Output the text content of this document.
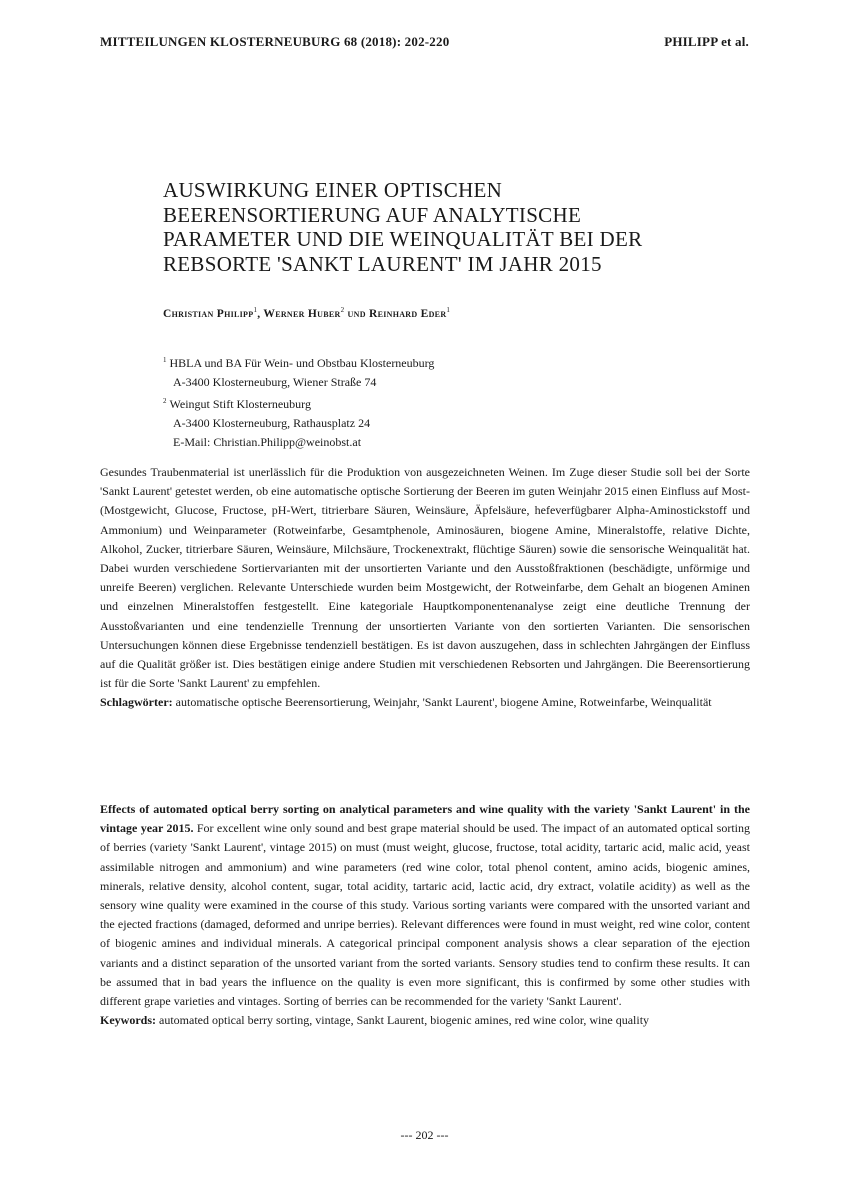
MITTEILUNGEN KLOSTERNEUBURG 68 (2018): 202-220	PHILIPP et al.
AUSWIRKUNG EINER OPTISCHEN
BEERENSORTIERUNG AUF ANALYTISCHE
PARAMETER UND DIE WEINQUALITÄT BEI DER
REBSORTE 'SANKT LAURENT' IM JAHR 2015
Christian Philipp$^1$, Werner Huber$^2$ und Reinhard Eder$^1$
$^1$ HBLA und BA Für Wein- und Obstbau Klosterneuburg
A-3400 Klosterneuburg, Wiener Straße 74
$^2$ Weingut Stift Klosterneuburg
A-3400 Klosterneuburg, Rathausplatz 24
E-Mail: Christian.Philipp@weinobst.at

Gesundes Traubenmaterial ist unerlässlich für die Produktion von ausgezeichneten Weinen. Im Zuge dieser Studie soll bei der Sorte 'Sankt Laurent' getestet werden, ob eine automatische optische Sortierung der Beeren im guten Weinjahr 2015 einen Einfluss auf Most- (Mostgewicht, Glucose, Fructose, pH-Wert, titrierbare Säuren, Weinsäure, Äpfelsäure, hefeverfügbarer Alpha-Aminostickstoff und Ammonium) und Weinparameter (Rotweinfarbe, Gesamtphenole, Aminosäuren, biogene Amine, Mineralstoffe, relative Dichte, Alkohol, Zucker, titrierbare Säuren, Weinsäure, Milchsäure, Trockenextrakt, flüchtige Säuren) sowie die sensorische Weinqualität hat. Dabei wurden verschiedene Sortiervarianten mit der unsortierten Variante und den Ausstoßfraktionen (beschädigte, unförmige und unreife Beeren) verglichen. Relevante Unterschiede wurden beim Mostgewicht, der Rotweinfarbe, dem Gehalt an biogenen Aminen und einzelnen Mineralstoffen festgestellt. Eine kategoriale Hauptkomponentenanalyse zeigt eine deutliche Trennung der Ausstoßvarianten und eine tendenzielle Trennung der unsortierten Variante von den sortierten Varianten. Die sensorischen Untersuchungen können diese Ergebnisse tendenziell bestätigen. Es ist davon auszugehen, dass in schlechten Jahrgängen der Einfluss auf die Qualität größer ist. Dies bestätigen einige andere Studien mit verschiedenen Rebsorten und Jahrgängen. Die Beerensortierung ist für die Sorte 'Sankt Laurent' zu empfehlen.

Schlagwörter: automatische optische Beerensortierung, Weinjahr, 'Sankt Laurent', biogene Amine, Rotweinfarbe, Weinqualität

Effects of automated optical berry sorting on analytical parameters and wine quality with the variety 'Sankt Laurent' in the vintage year 2015. For excellent wine only sound and best grape material should be used. The impact of an automated optical sorting of berries (variety 'Sankt Laurent', vintage 2015) on must (must weight, glucose, fructose, total acidity, tartaric acid, malic acid, yeast assimilable nitrogen and ammonium) and wine parameters (red wine color, total phenol content, amino acids, biogenic amines, minerals, relative density, alcohol content, sugar, total acidity, tartaric acid, lactic acid, dry extract, volatile acidity) as well as the sensory wine quality were examined in the course of this study. Various sorting variants were compared with the unsorted variant and the ejected fractions (damaged, deformed and unripe berries). Relevant differences were found in must weight, red wine color, content of biogenic amines and individual minerals. A categorical principal component analysis shows a clear separation of the ejection variants and a distinct separation of the unsorted variant from the sorted variants. Sensory studies tend to confirm these results. It can be assumed that in bad years the influence on the quality is even more significant, this is confirmed by some other studies with different grape varieties and vintages. Sorting of berries can be recommended for the variety 'Sankt Laurent'.

Keywords: automated optical berry sorting, vintage, Sankt Laurent, biogenic amines, red wine color, wine quality

--- 202 ---
